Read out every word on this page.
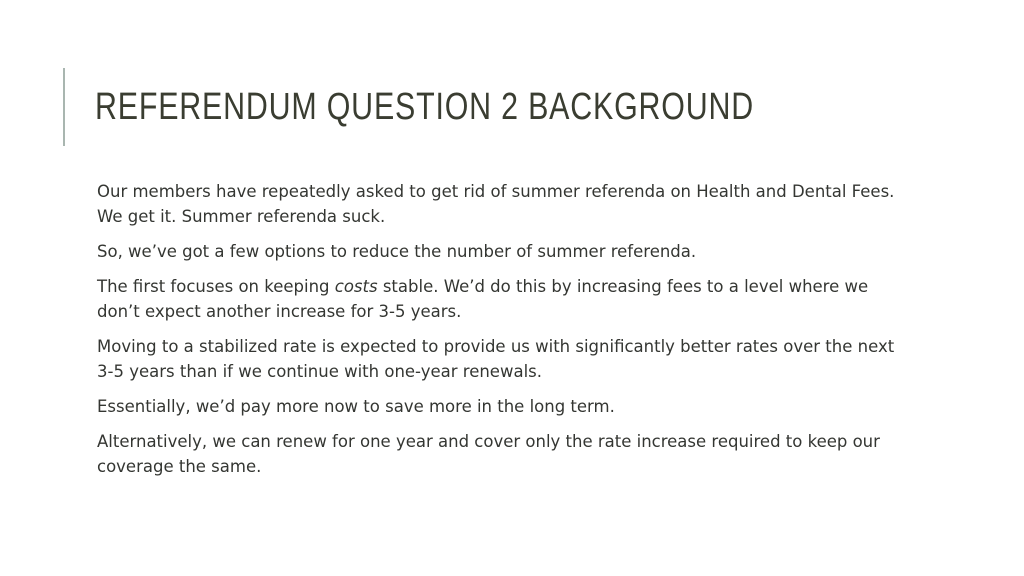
REFERENDUM QUESTION 2 BACKGROUND

Our members have repeatedly asked to get rid of summer referenda on Health and Dental Fees. We get it. Summer referenda suck.

So, we’ve got a few options to reduce the number of summer referenda.

The first focuses on keeping costs stable. We’d do this by increasing fees to a level where we don’t expect another increase for 3-5 years.

Moving to a stabilized rate is expected to provide us with significantly better rates over the next 3-5 years than if we continue with one-year renewals.

Essentially, we’d pay more now to save more in the long term.

Alternatively, we can renew for one year and cover only the rate increase required to keep our coverage the same.
